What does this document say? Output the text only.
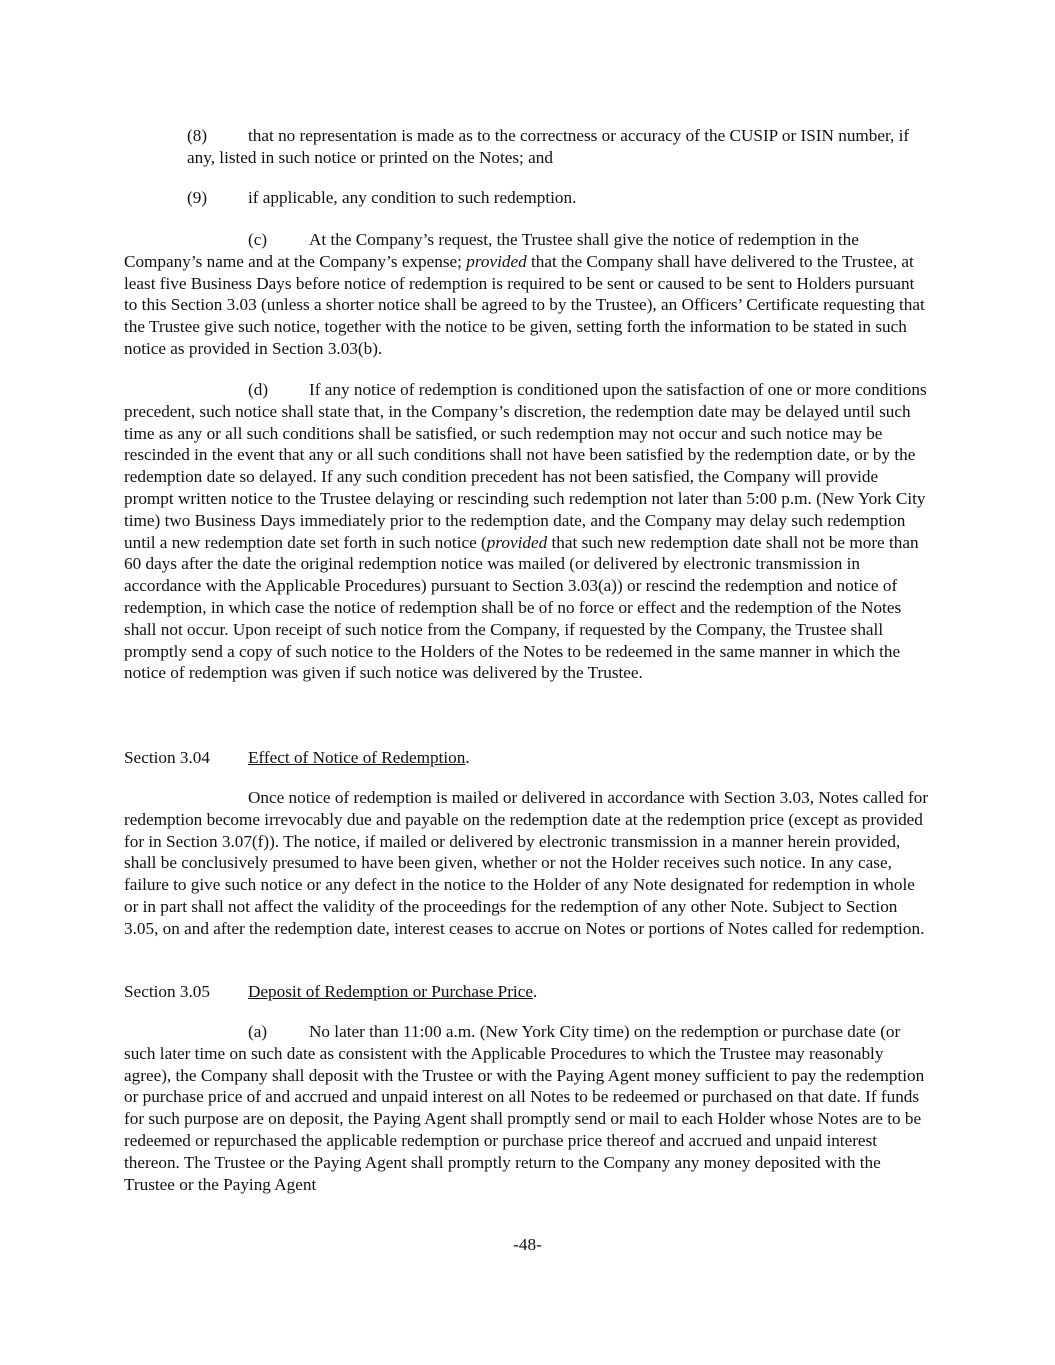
(8) that no representation is made as to the correctness or accuracy of the CUSIP or ISIN number, if any, listed in such notice or printed on the Notes; and

(9) if applicable, any condition to such redemption.

(c) At the Company’s request, the Trustee shall give the notice of redemption in the Company’s name and at the Company’s expense; provided that the Company shall have delivered to the Trustee, at least five Business Days before notice of redemption is required to be sent or caused to be sent to Holders pursuant to this Section 3.03 (unless a shorter notice shall be agreed to by the Trustee), an Officers’ Certificate requesting that the Trustee give such notice, together with the notice to be given, setting forth the information to be stated in such notice as provided in Section 3.03(b).

(d) If any notice of redemption is conditioned upon the satisfaction of one or more conditions precedent, such notice shall state that, in the Company’s discretion, the redemption date may be delayed until such time as any or all such conditions shall be satisfied, or such redemption may not occur and such notice may be rescinded in the event that any or all such conditions shall not have been satisfied by the redemption date, or by the redemption date so delayed. If any such condition precedent has not been satisfied, the Company will provide prompt written notice to the Trustee delaying or rescinding such redemption not later than 5:00 p.m. (New York City time) two Business Days immediately prior to the redemption date, and the Company may delay such redemption until a new redemption date set forth in such notice (provided that such new redemption date shall not be more than 60 days after the date the original redemption notice was mailed (or delivered by electronic transmission in accordance with the Applicable Procedures) pursuant to Section 3.03(a)) or rescind the redemption and notice of redemption, in which case the notice of redemption shall be of no force or effect and the redemption of the Notes shall not occur. Upon receipt of such notice from the Company, if requested by the Company, the Trustee shall promptly send a copy of such notice to the Holders of the Notes to be redeemed in the same manner in which the notice of redemption was given if such notice was delivered by the Trustee.

Section 3.04 Effect of Notice of Redemption.

Once notice of redemption is mailed or delivered in accordance with Section 3.03, Notes called for redemption become irrevocably due and payable on the redemption date at the redemption price (except as provided for in Section 3.07(f)). The notice, if mailed or delivered by electronic transmission in a manner herein provided, shall be conclusively presumed to have been given, whether or not the Holder receives such notice. In any case, failure to give such notice or any defect in the notice to the Holder of any Note designated for redemption in whole or in part shall not affect the validity of the proceedings for the redemption of any other Note. Subject to Section 3.05, on and after the redemption date, interest ceases to accrue on Notes or portions of Notes called for redemption.

Section 3.05 Deposit of Redemption or Purchase Price.

(a) No later than 11:00 a.m. (New York City time) on the redemption or purchase date (or such later time on such date as consistent with the Applicable Procedures to which the Trustee may reasonably agree), the Company shall deposit with the Trustee or with the Paying Agent money sufficient to pay the redemption or purchase price of and accrued and unpaid interest on all Notes to be redeemed or purchased on that date. If funds for such purpose are on deposit, the Paying Agent shall promptly send or mail to each Holder whose Notes are to be redeemed or repurchased the applicable redemption or purchase price thereof and accrued and unpaid interest thereon. The Trustee or the Paying Agent shall promptly return to the Company any money deposited with the Trustee or the Paying Agent

-48-
